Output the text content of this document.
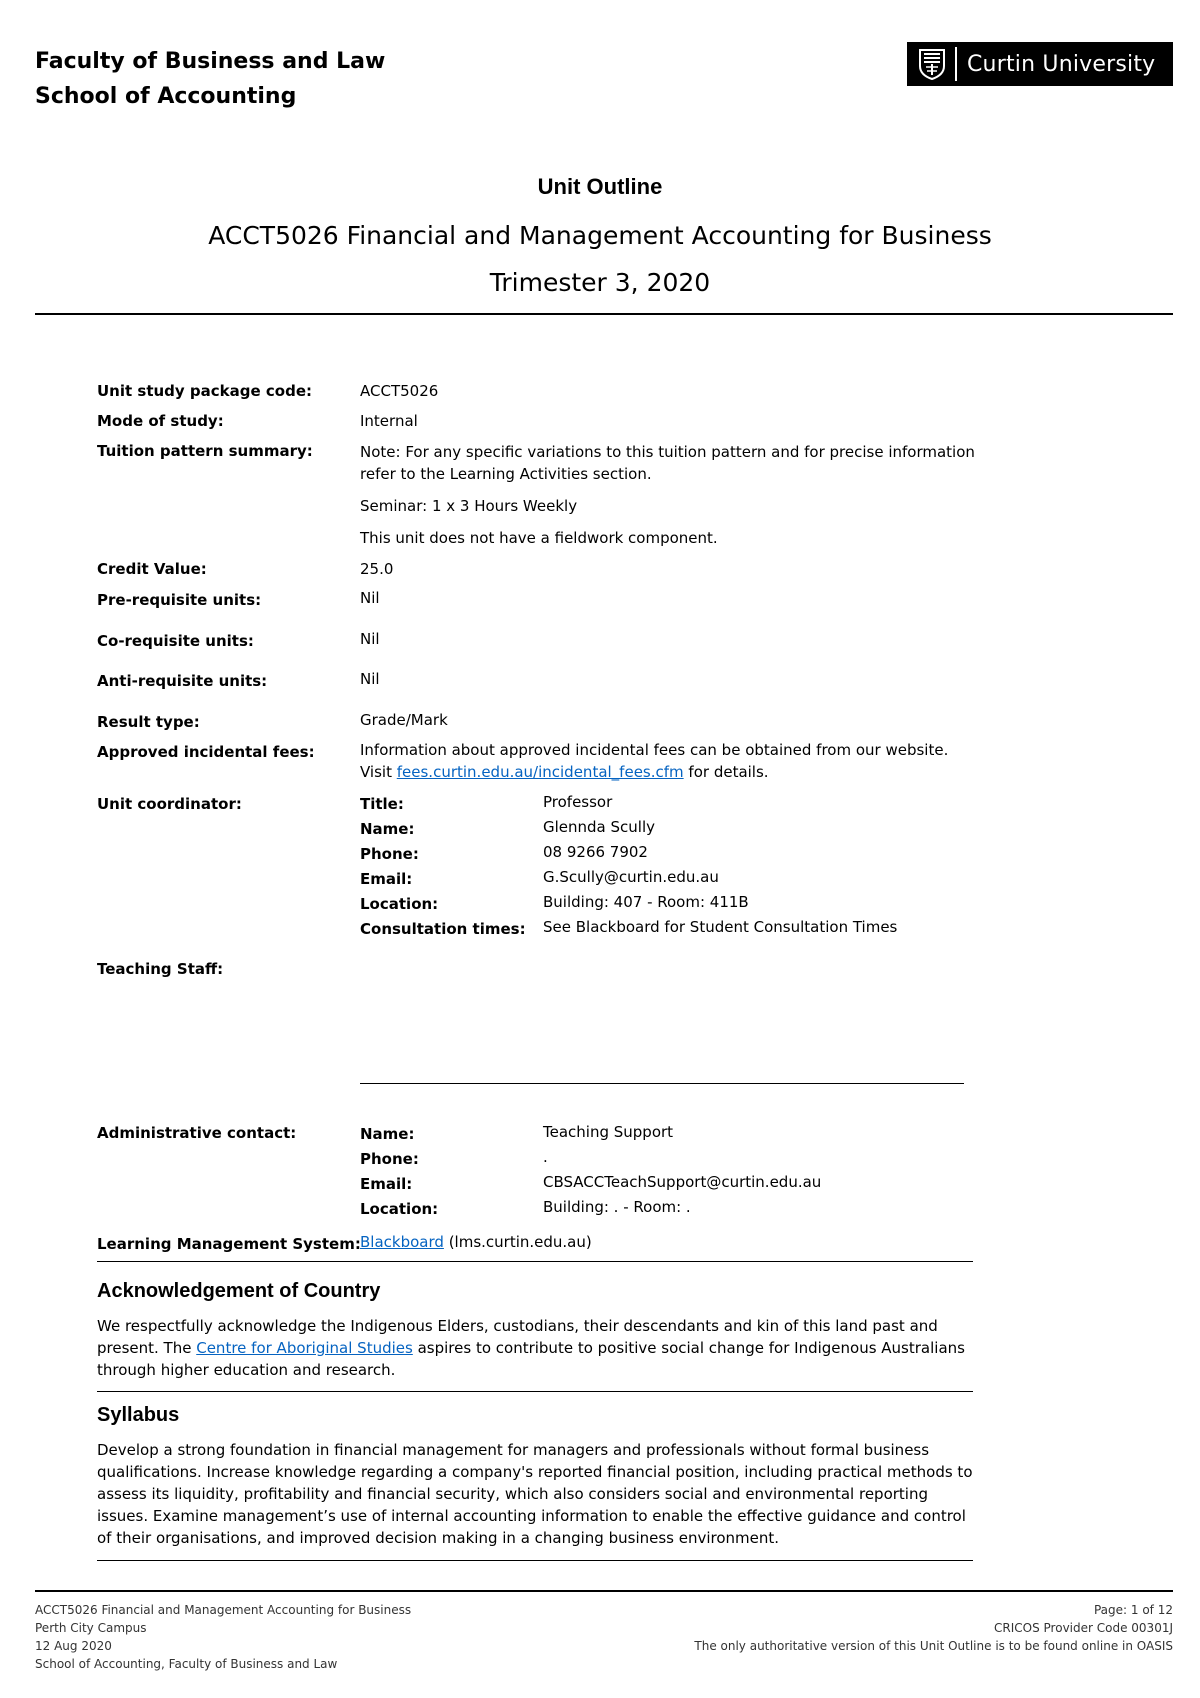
Faculty of Business and Law
School of Accounting
Curtin University
Unit Outline
ACCT5026 Financial and Management Accounting for Business
Trimester 3, 2020
Unit study package code:	ACCT5026
Mode of study:	Internal
Tuition pattern summary:	Note: For any specific variations to this tuition pattern and for precise information refer to the Learning Activities section.
Seminar: 1 x 3 Hours Weekly
This unit does not have a fieldwork component.
Credit Value:	25.0
Pre-requisite units:	Nil
Co-requisite units:	Nil
Anti-requisite units:	Nil
Result type:	Grade/Mark
Approved incidental fees:	Information about approved incidental fees can be obtained from our website.
Visit fees.curtin.edu.au/incidental_fees.cfm for details.
Unit coordinator:	Title:	Professor
Name:	Glennda Scully
Phone:	08 9266 7902
Email:	G.Scully@curtin.edu.au
Location:	Building: 407 - Room: 411B
Consultation times: See Blackboard for Student Consultation Times
Teaching Staff:
Administrative contact:	Name:	Teaching Support
Phone:	.
Email:	CBSACCTeachSupport@curtin.edu.au
Location:	Building: . - Room: .
Learning Management System: Blackboard (lms.curtin.edu.au)
Acknowledgement of Country
We respectfully acknowledge the Indigenous Elders, custodians, their descendants and kin of this land past and present. The Centre for Aboriginal Studies aspires to contribute to positive social change for Indigenous Australians through higher education and research.
Syllabus
Develop a strong foundation in financial management for managers and professionals without formal business qualifications. Increase knowledge regarding a company's reported financial position, including practical methods to assess its liquidity, profitability and financial security, which also considers social and environmental reporting issues. Examine management’s use of internal accounting information to enable the effective guidance and control of their organisations, and improved decision making in a changing business environment.
ACCT5026 Financial and Management Accounting for Business
Perth City Campus
12 Aug 2020
School of Accounting, Faculty of Business and Law
Page: 1 of 12
CRICOS Provider Code 00301J
The only authoritative version of this Unit Outline is to be found online in OASIS
